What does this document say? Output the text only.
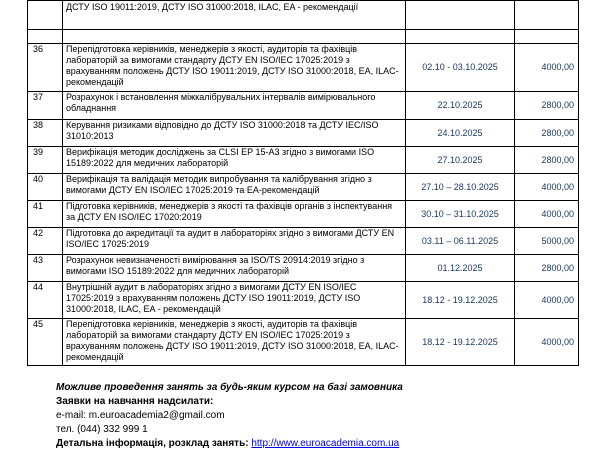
	ДСТУ ISO 19011:2019, ДСТУ ISO 31000:2018, ILAC, EA - рекомендації		

36	Перепідготовка керівників, менеджерів з якості, аудиторів та фахівців лабораторій за вимогами стандарту ДСТУ EN ISO/IEC 17025:2019 з врахуванням положень ДСТУ ISO 19011:2019, ДСТУ ISO 31000:2018, EA, ILAC-рекомендацій	02.10 - 03.10.2025	4000,00
37	Розрахунок і встановлення міжкалібрувальних інтервалів вимірювального обладнання	22.10.2025	2800,00
38	Керування ризиками відповідно до ДСТУ ISO 31000:2018 та ДСТУ IEC/ISO 31010:2013	24.10.2025	2800,00
39	Верифікація методик досліджень за CLSI EP 15-A3 згідно з вимогами ISO 15189:2022 для медичних лабораторій	27.10.2025	2800,00
40	Верифікація та валідація методик випробування та калібрування згідно з вимогами ДСТУ EN ISO/IEC 17025:2019 та EA-рекомендацій	27.10 – 28.10.2025	4000,00
41	Підготовка керівників, менеджерів з якості та фахівців органів з інспектування за ДСТУ EN ISO/IEC 17020:2019	30.10 – 31.10.2025	4000,00
42	Підготовка до акредитації та аудит в лабораторіях згідно з вимогами ДСТУ EN ISO/IEC 17025:2019	03.11 – 06.11.2025	5000,00
43	Розрахунок невизначеності вимірювання за ISO/TS 20914:2019 згідно з вимогами ISO 15189:2022 для медичних лабораторій	01.12.2025	2800,00
44	Внутрішній аудит в лабораторіях згідно з вимогами ДСТУ EN ISO/IEC 17025:2019 з врахуванням положень ДСТУ ISO 19011:2019, ДСТУ ISO 31000:2018, ILAC, EA - рекомендацій	18.12 - 19.12.2025	4000,00
45	Перепідготовка керівників, менеджерів з якості, аудиторів та фахівців лабораторій за вимогами стандарту ДСТУ EN ISO/IEC 17025:2019 з врахуванням положень ДСТУ ISO 19011:2019, ДСТУ ISO 31000:2018, EA, ILAC-рекомендацій	18.12 - 19.12.2025	4000,00
Можливе проведення занять за будь-яким курсом на базі замовника
Заявки на навчання надсилати:
e-mail: m.euroacademia2@gmail.com
тел. (044) 332 999 1
Детальна інформація, розклад занять: http://www.euroacademia.com.ua
